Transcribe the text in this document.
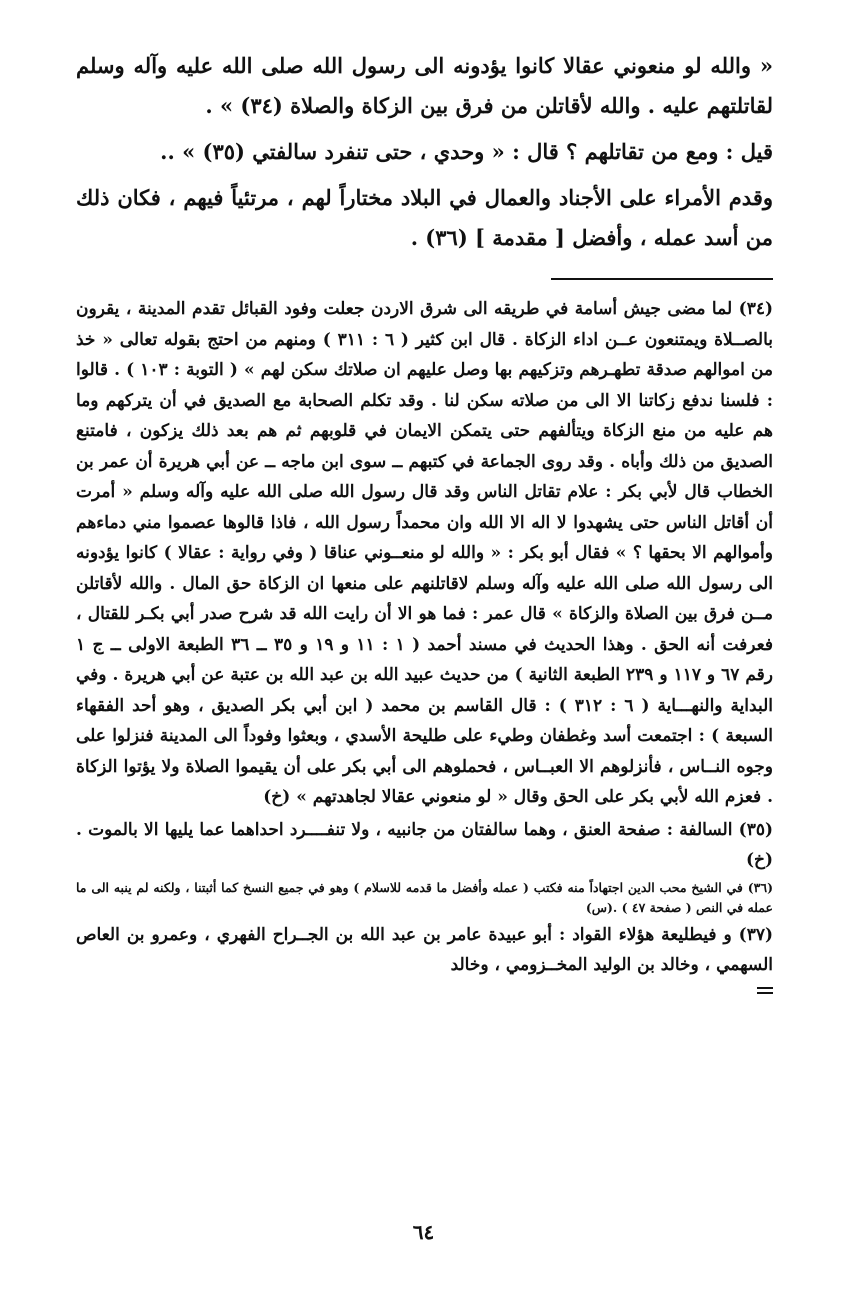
« والله لو منعوني عقالا كانوا يؤدونه الى رسول الله صلى الله عليه وآله وسلم لقاتلتهم عليه . والله لأقاتلن من فرق بين الزكاة والصلاة (٣٤) » .

قيل : ومع من تقاتلهم ؟ قال : « وحدي ، حتى تنفرد سالفتي (٣٥) » ..

وقدم الأمراء على الأجناد والعمال في البلاد مختاراً لهم ، مرتئياً فيهم ، فكان ذلك من أسد عمله ، وأفضل [ مقدمة ] (٣٦) .

(٣٤) لما مضى جيش أسامة في طريقه الى شرق الاردن جعلت وفود القبائل تقدم المدينة ، يقرون بالصــلاة ويمتنعون عــن اداء الزكاة . قال ابن كثير ( ٦ : ٣١١ ) ومنهم من احتج بقوله تعالى « خذ من اموالهم صدقة تطهـرهم وتزكيهم بها وصل عليهم ان صلاتك سكن لهم » ( التوبة : ١٠٣ ) . قالوا : فلسنا ندفع زكاتنا الا الى من صلاته سكن لنا . وقد تكلم الصحابة مع الصديق في أن يتركهم وما هم عليه من منع الزكاة ويتألفهم حتى يتمكن الايمان في قلوبهم ثم هم بعد ذلك يزكون ، فامتنع الصديق من ذلك وأباه . وقد روى الجماعة في كتبهم ــ سوى ابن ماجه ــ عن أبي هريرة أن عمر بن الخطاب قال لأبي بكر : علام تقاتل الناس وقد قال رسول الله صلى الله عليه وآله وسلم « أمرت أن أقاتل الناس حتى يشهدوا لا اله الا الله وان محمداً رسول الله ، فاذا قالوها عصموا مني دماءهم وأموالهم الا بحقها ؟ » فقال أبو بكر : « والله لو منعــوني عناقا ( وفي رواية : عقالا ) كانوا يؤدونه الى رسول الله صلى الله عليه وآله وسلم لاقاتلنهم على منعها ان الزكاة حق المال . والله لأقاتلن مــن فرق بين الصلاة والزكاة » قال عمر : فما هو الا أن رايت الله قد شرح صدر أبي بكـر للقتال ، فعرفت أنه الحق . وهذا الحديث في مسند أحمد ( ١ : ١١ و ١٩ و ٣٥ ــ ٣٦ الطبعة الاولى ــ ج ١ رقم ٦٧ و ١١٧ و ٢٣٩ الطبعة الثانية ) من حديث عبيد الله بن عبد الله بن عتبة عن أبي هريرة . وفي البداية والنهـــاية ( ٦ : ٣١٢ ) : قال القاسم بن محمد ( ابن أبي بكر الصديق ، وهو أحد الفقهاء السبعة ) : اجتمعت أسد وغطفان وطيء على طليحة الأسدي ، وبعثوا وفوداً الى المدينة فنزلوا على وجوه النــاس ، فأنزلوهم الا العبــاس ، فحملوهم الى أبي بكر على أن يقيموا الصلاة ولا يؤتوا الزكاة . فعزم الله لأبي بكر على الحق وقال « لو منعوني عقالا لجاهدتهم » (خ)

(٣٥) السالفة : صفحة العنق ، وهما سالفتان من جانبيه ، ولا تنفــــرد احداهما عما يليها الا بالموت . (خ)

(٣٦) في الشيخ محب الدين اجتهاداً منه فكتب ( عمله وأفضل ما قدمه للاسلام ) وهو في جميع النسخ كما أثبتنا ، ولكنه لم ينبه الى ما عمله في النص ( صفحة ٤٧ ) .(س)

(٣٧) و فيطليعة هؤلاء القواد : أبو عبيدة عامر بن عبد الله بن الجــراح الفهري ، وعمرو بن العاص السهمي ، وخالد بن الوليد المخــزومي ، وخالد

٦٤
